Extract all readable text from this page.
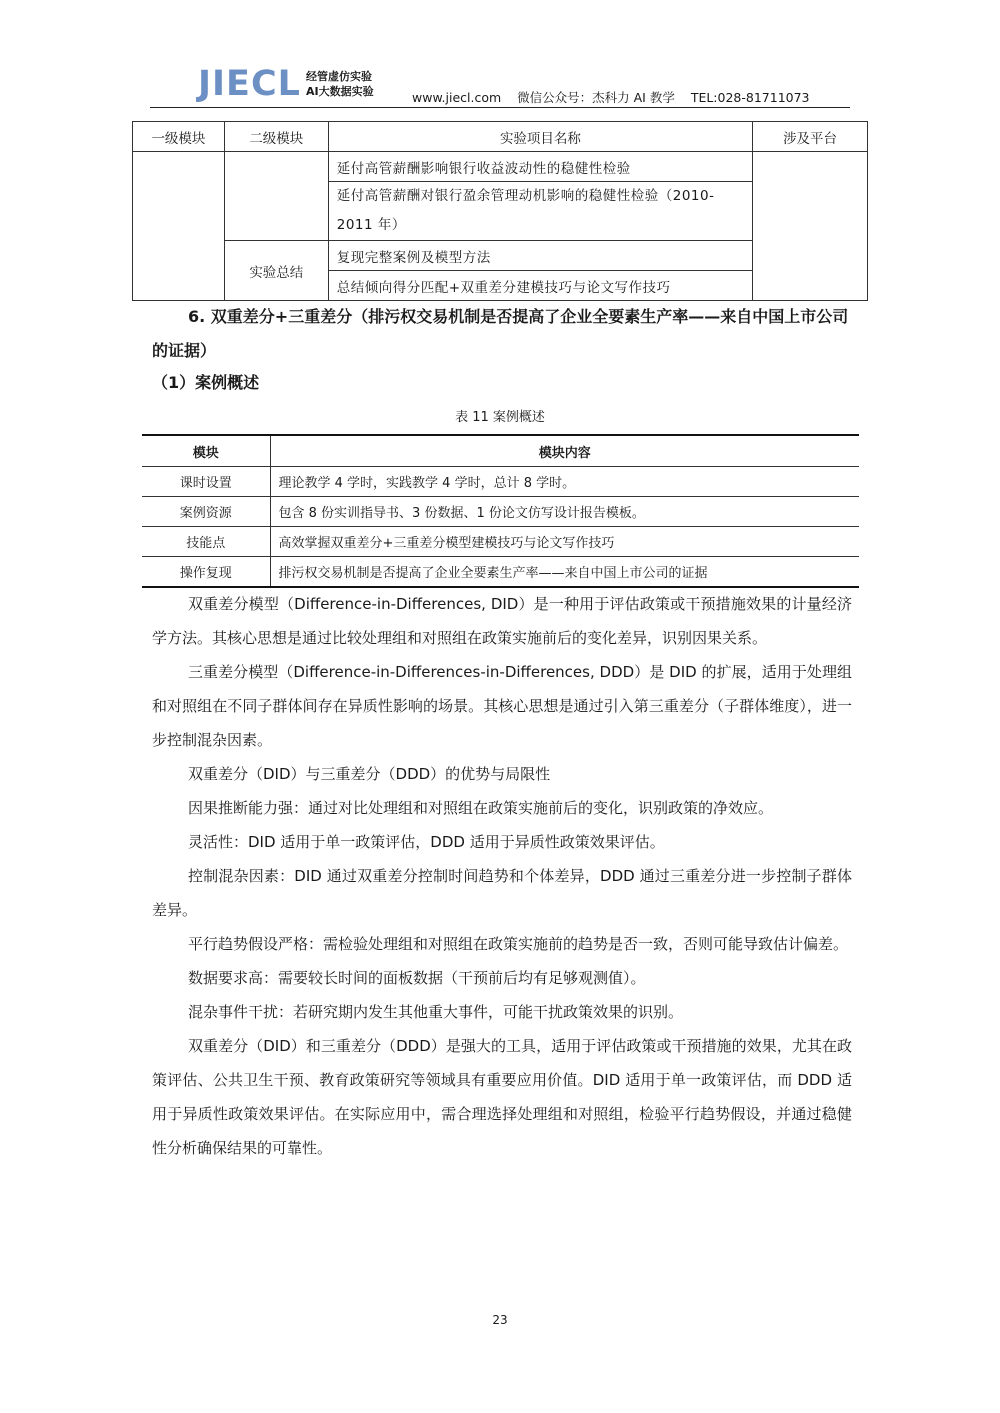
JIECL 经管虚仿实验
AI大数据实验	www.jiecl.com 微信公众号：杰科力 AI 教学 TEL:028-81711073
一级模块	二级模块	实验项目名称	涉及平台
		延付高管薪酬影响银行收益波动性的稳健性检验	
		延付高管薪酬对银行盈余管理动机影响的稳健性检验（2010-2011 年）	
	实验总结	复现完整案例及模型方法	
		总结倾向得分匹配+双重差分建模技巧与论文写作技巧	
6. 双重差分+三重差分（排污权交易机制是否提高了企业全要素生产率——来自中国上市公司的证据）
（1）案例概述
表 11 案例概述
模块	模块内容
课时设置	理论教学 4 学时，实践教学 4 学时，总计 8 学时。
案例资源	包含 8 份实训指导书、3 份数据、1 份论文仿写设计报告模板。
技能点	高效掌握双重差分+三重差分模型建模技巧与论文写作技巧
操作复现	排污权交易机制是否提高了企业全要素生产率——来自中国上市公司的证据

双重差分模型（Difference-in-Differences, DID）是一种用于评估政策或干预措施效果的计量经济学方法。其核心思想是通过比较处理组和对照组在政策实施前后的变化差异，识别因果关系。

三重差分模型（Difference-in-Differences-in-Differences, DDD）是 DID 的扩展，适用于处理组和对照组在不同子群体间存在异质性影响的场景。其核心思想是通过引入第三重差分（子群体维度），进一步控制混杂因素。

双重差分（DID）与三重差分（DDD）的优势与局限性

因果推断能力强：通过对比处理组和对照组在政策实施前后的变化，识别政策的净效应。

灵活性：DID 适用于单一政策评估，DDD 适用于异质性政策效果评估。

控制混杂因素：DID 通过双重差分控制时间趋势和个体差异，DDD 通过三重差分进一步控制子群体差异。

平行趋势假设严格：需检验处理组和对照组在政策实施前的趋势是否一致，否则可能导致估计偏差。

数据要求高：需要较长时间的面板数据（干预前后均有足够观测值）。

混杂事件干扰：若研究期内发生其他重大事件，可能干扰政策效果的识别。

双重差分（DID）和三重差分（DDD）是强大的工具，适用于评估政策或干预措施的效果，尤其在政策评估、公共卫生干预、教育政策研究等领域具有重要应用价值。DID 适用于单一政策评估，而 DDD 适用于异质性政策效果评估。在实际应用中，需合理选择处理组和对照组，检验平行趋势假设，并通过稳健性分析确保结果的可靠性。

23
